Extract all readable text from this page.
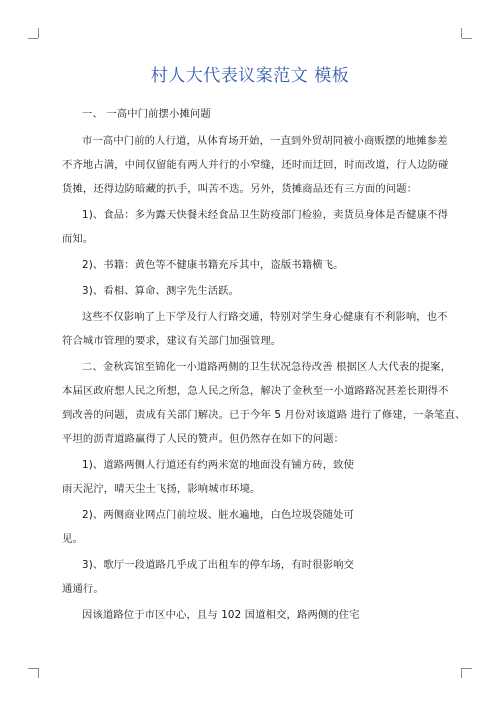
村人大代表议案范文 模板
一、 一高中门前摆小摊问题
市一高中门前的人行道，从体育场开始，一直到外贸胡同被小商贩摆的地摊参差
不齐地占满，中间仅留能有两人并行的小窄缝，还时而迂回，时而改道，行人边防碰
货摊，还得边防暗藏的扒手，叫苦不迭。另外，货摊商品还有三方面的问题：
1)、食品：多为露天快餐未经食品卫生防疫部门检验，卖货员身体是否健康不得
而知。
2)、书籍：黄色等不健康书籍充斥其中，盗版书籍横飞。
3)、看相、算命、测字先生活跃。
这些不仅影响了上下学及行人行路交通，特别对学生身心健康有不利影响，也不
符合城市管理的要求，建议有关部门加强管理。
二、金秋宾馆至锦化一小道路两侧的卫生状况急待改善 根据区人大代表的提案，
本届区政府想人民之所想，急人民之所急，解决了金秋至一小道路路况甚差长期得不
到改善的问题，责成有关部门解决。已于今年 5 月份对该道路 进行了修建，一条笔直、
平坦的沥青道路赢得了人民的赞声。但仍然存在如下的问题：
1)、道路两侧人行道还有约两米宽的地面没有铺方砖，致使
雨天泥泞，晴天尘土飞扬，影响城市环境。
2)、两侧商业网点门前垃圾、脏水遍地，白色垃圾袋随处可
见。
3)、歌厅一段道路几乎成了出租车的停车场，有时很影响交
通通行。
因该道路位于市区中心，且与 102 国道相交，路两侧的住宅
